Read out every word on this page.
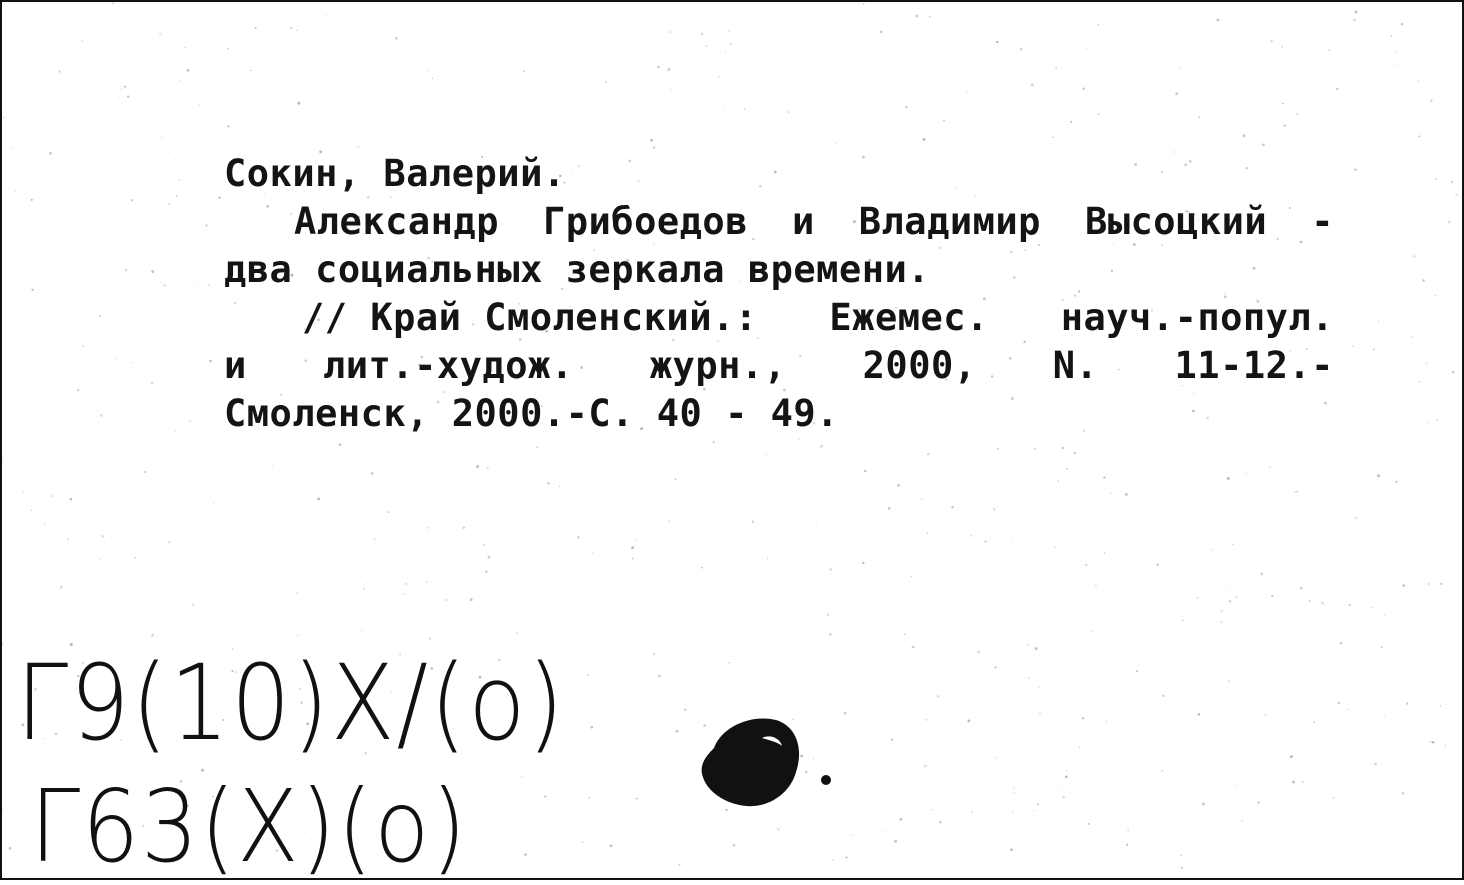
Сокин, Валерий.
Александр Грибоедов и Владимир Высоцкий -
два социальных зеркала времени.
// Край Смоленский.: Ежемес. науч.-попул.
и лит.-худож. журн., 2000, N. 11-12.-
Смоленск, 2000.-С. 40 - 49.
Г9(10)Х/(о)
Г63(Х)(о)
